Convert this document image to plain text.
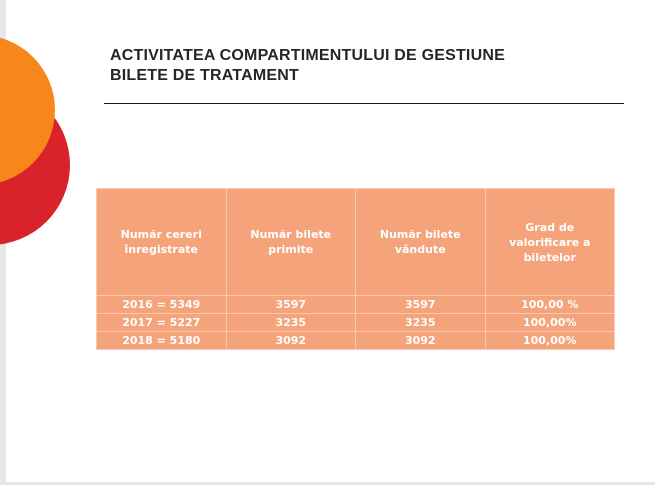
ACTIVITATEA COMPARTIMENTULUI DE GESTIUNE
BILETE DE TRATAMENT
Număr cereri înregistrate	Număr bilete primite	Număr bilete vândute	Grad de valorificare a biletelor
2016 = 5349	3597	3597	100,00 %
2017 = 5227	3235	3235	100,00%
2018 = 5180	3092	3092	100,00%
